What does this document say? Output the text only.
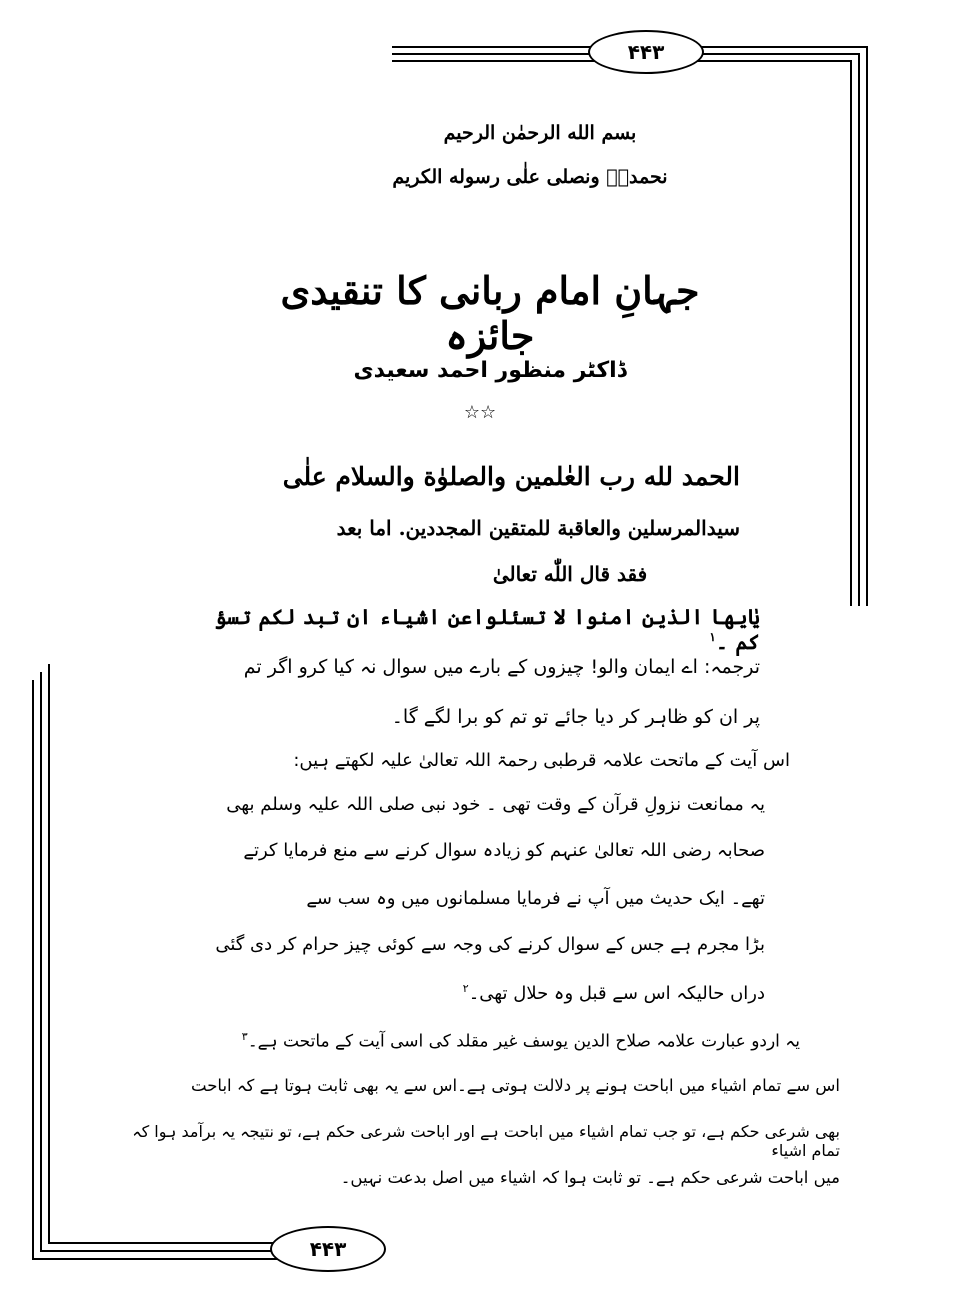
۴۴۳
۴۴۳
بسم الله الرحمٰن الرحیم
نحمدہٗ ونصلی علٰی رسوله الکریم
جہانِ امام ربانی کا تنقیدی جائزہ
ڈاکٹر منظور احمد سعیدی
☆☆
الحمد لله رب العٰلمين والصلوٰة والسلام علٰی
سیدالمرسلین والعاقبة للمتقین المجددین. اما بعد
فقد قال اللّٰه تعالیٰ
یٰایها الذین امنوا لا تسئلواعن اشیاء ان تبد لکم تسؤ کم ۔$^۱$
ترجمہ: اے ایمان والو! چیزوں کے بارے میں سوال نہ کیا کرو اگر تم
پر ان کو ظاہر کر دیا جائے تو تم کو برا لگے گا۔
اس آیت کے ماتحت علامہ قرطبی رحمۃ اللہ تعالیٰ علیہ لکھتے ہیں:
یہ ممانعت نزولِ قرآن کے وقت تھی ۔ خود نبی صلی اللہ علیہ وسلم بھی
صحابہ رضی اللہ تعالیٰ عنہم کو زیادہ سوال کرنے سے منع فرمایا کرتے
تھے۔ ایک حدیث میں آپ نے فرمایا مسلمانوں میں وہ سب سے
بڑا مجرم ہے جس کے سوال کرنے کی وجہ سے کوئی چیز حرام کر دی گئی
دراں حالیکہ اس سے قبل وہ حلال تھی۔$^۲$
یہ اردو عبارت علامہ صلاح الدین یوسف غیر مقلد کی اسی آیت کے ماتحت ہے۔$^۳$
اس سے تمام اشیاء میں اباحت ہونے پر دلالت ہوتی ہے۔اس سے یہ بھی ثابت ہوتا ہے کہ اباحت
بھی شرعی حکم ہے، تو جب تمام اشیاء میں اباحت ہے اور اباحت شرعی حکم ہے، تو نتیجہ یہ برآمد ہوا کہ تمام اشیاء
میں اباحت شرعی حکم ہے۔ تو ثابت ہوا کہ اشیاء میں اصل بدعت نہیں۔
